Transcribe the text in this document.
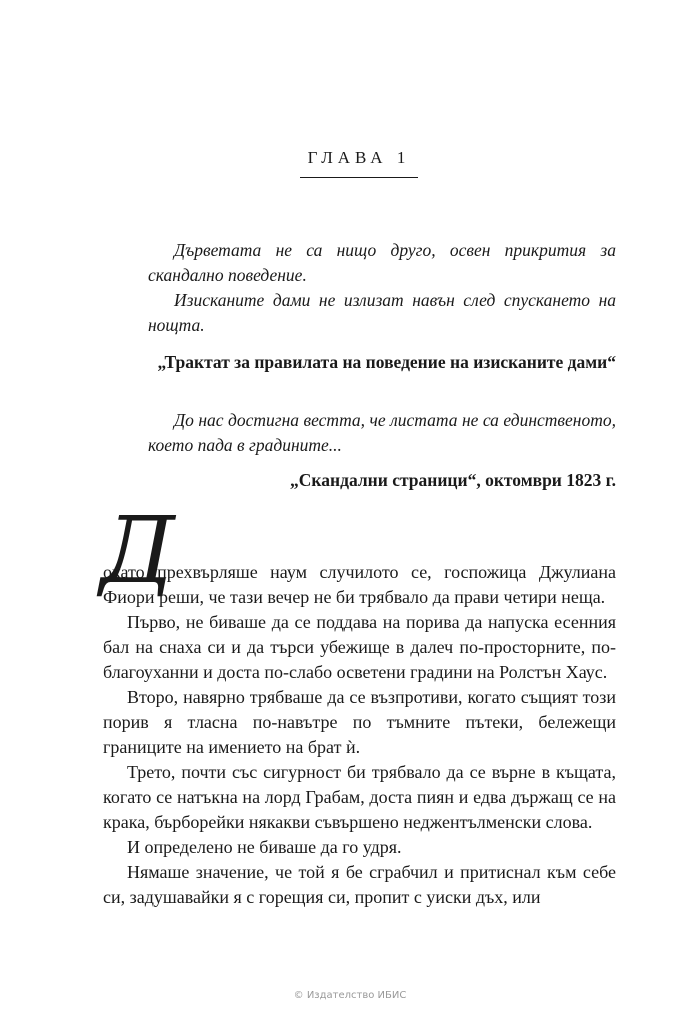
ГЛАВА 1

Дърветата не са нищо друго, освен прикрития за скандално поведение.

Изисканите дами не излизат навън след спускането на нощта.

„Трактат за правилата на поведение на изисканите дами“

До нас достигна вестта, че листата не са единственото, което пада в градините...

„Скандални страници“, октомври 1823 г.

Д

окато прехвърляше наум случилото се, госпожица Джулиана Фиори реши, че тази вечер не би трябвало да прави четири неща.

Първо, не биваше да се поддава на порива да напуска есенния бал на снаха си и да търси убежище в далеч по-просторните, по-благоуханни и доста по-слабо осветени градини на Ролстън Хаус.

Второ, навярно трябваше да се възпротиви, когато същият този порив я тласна по-навътре по тъмните пътеки, бележещи границите на имението на брат ѝ.

Трето, почти със сигурност би трябвало да се върне в къщата, когато се натъкна на лорд Грабам, доста пиян и едва държащ се на крака, бърборейки някакви съвършено неджентълменски слова.

И определено не биваше да го удря.

Нямаше значение, че той я бе сграбчил и притиснал към себе си, задушавайки я с горещия си, пропит с уиски дъх, или

© Издателство ИБИС
